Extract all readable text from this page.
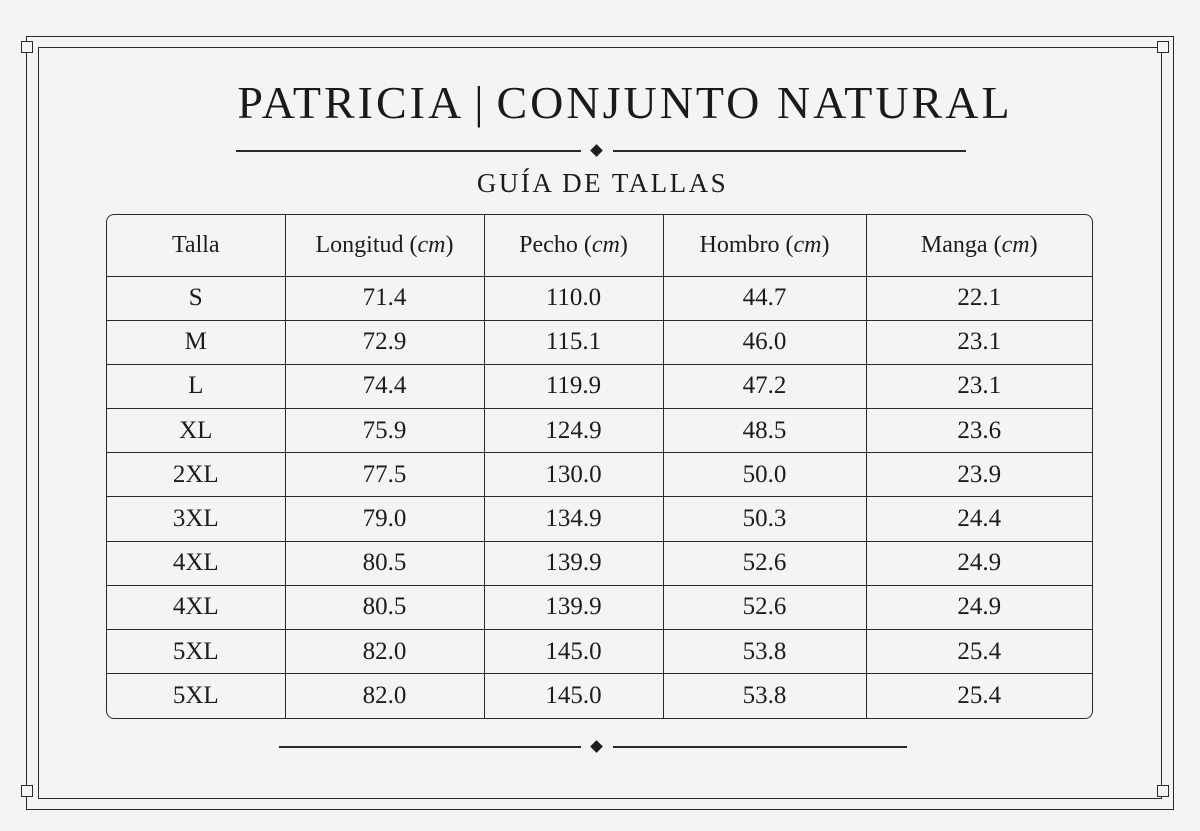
PATRICIA | CONJUNTO NATURAL
GUÍA DE TALLAS
Talla	Longitud (cm)	Pecho (cm)	Hombro (cm)	Manga (cm)
S	71.4	110.0	44.7	22.1
M	72.9	115.1	46.0	23.1
L	74.4	119.9	47.2	23.1
XL	75.9	124.9	48.5	23.6
2XL	77.5	130.0	50.0	23.9
3XL	79.0	134.9	50.3	24.4
4XL	80.5	139.9	52.6	24.9
4XL	80.5	139.9	52.6	24.9
5XL	82.0	145.0	53.8	25.4
5XL	82.0	145.0	53.8	25.4
